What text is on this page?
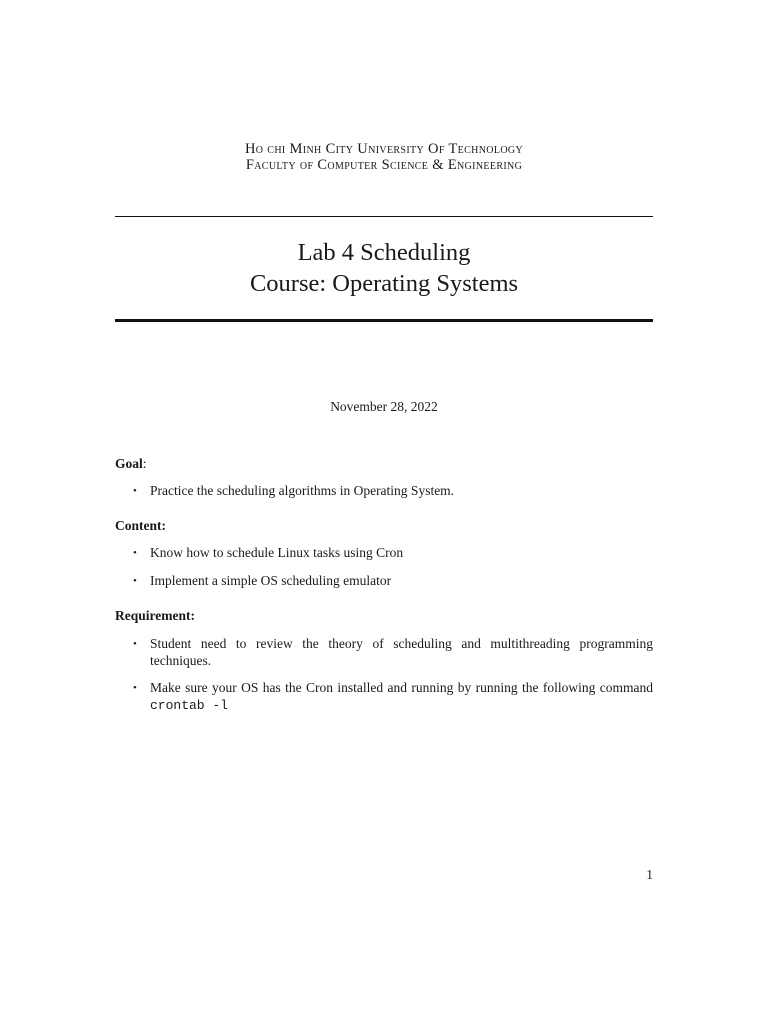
Ho chi Minh City University Of Technology
Faculty of Computer Science & Engineering
Lab 4 Scheduling
Course: Operating Systems
November 28, 2022
Goal:
• Practice the scheduling algorithms in Operating System.
Content:
• Know how to schedule Linux tasks using Cron
• Implement a simple OS scheduling emulator
Requirement:
• Student need to review the theory of scheduling and multithreading programming techniques.
• Make sure your OS has the Cron installed and running by running the following command crontab -l
1
